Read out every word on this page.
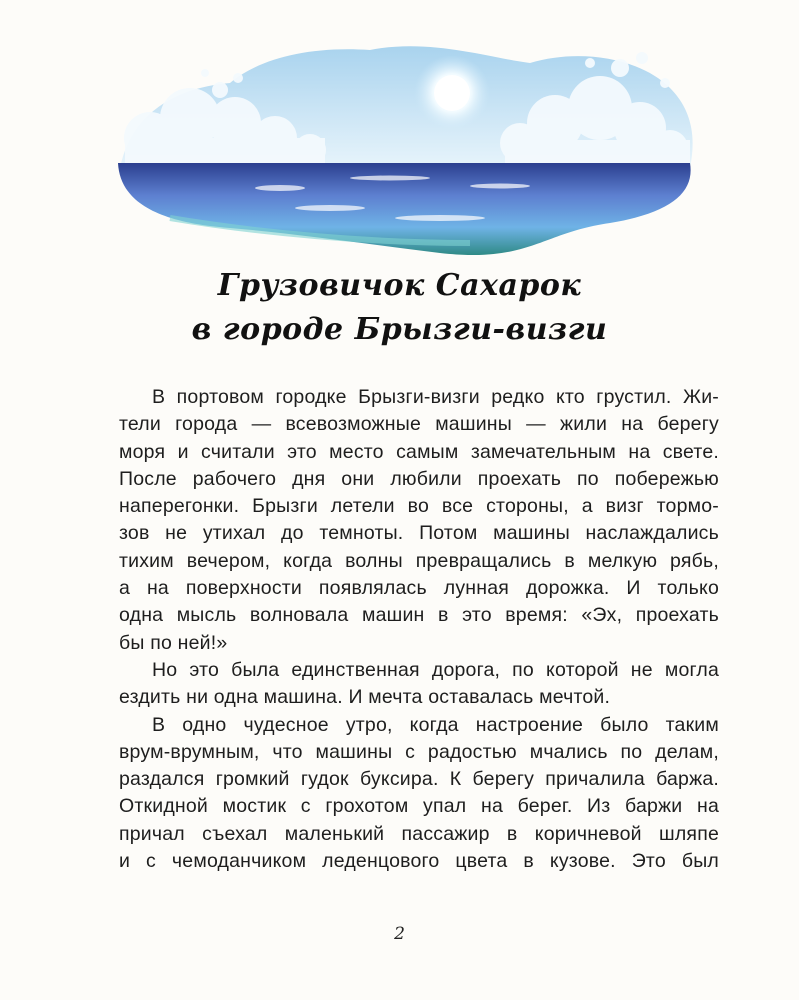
Грузовичок Сахарок
в городе Брызги-визги
В портовом городке Брызги-визги редко кто грустил. Жи-
тели города — всевозможные машины — жили на берегу
моря и считали это место самым замечательным на свете.
После рабочего дня они любили проехать по побережью
наперегонки. Брызги летели во все стороны, а визг тормо-
зов не утихал до темноты. Потом машины наслаждались
тихим вечером, когда волны превращались в мелкую рябь,
а на поверхности появлялась лунная дорожка. И только
одна мысль волновала машин в это время: «Эх, проехать
бы по ней!»
Но это была единственная дорога, по которой не могла
ездить ни одна машина. И мечта оставалась мечтой.
В одно чудесное утро, когда настроение было таким
врум-врумным, что машины с радостью мчались по делам,
раздался громкий гудок буксира. К берегу причалила баржа.
Откидной мостик с грохотом упал на берег. Из баржи на
причал съехал маленький пассажир в коричневой шляпе
и с чемоданчиком леденцового цвета в кузове. Это был
2
